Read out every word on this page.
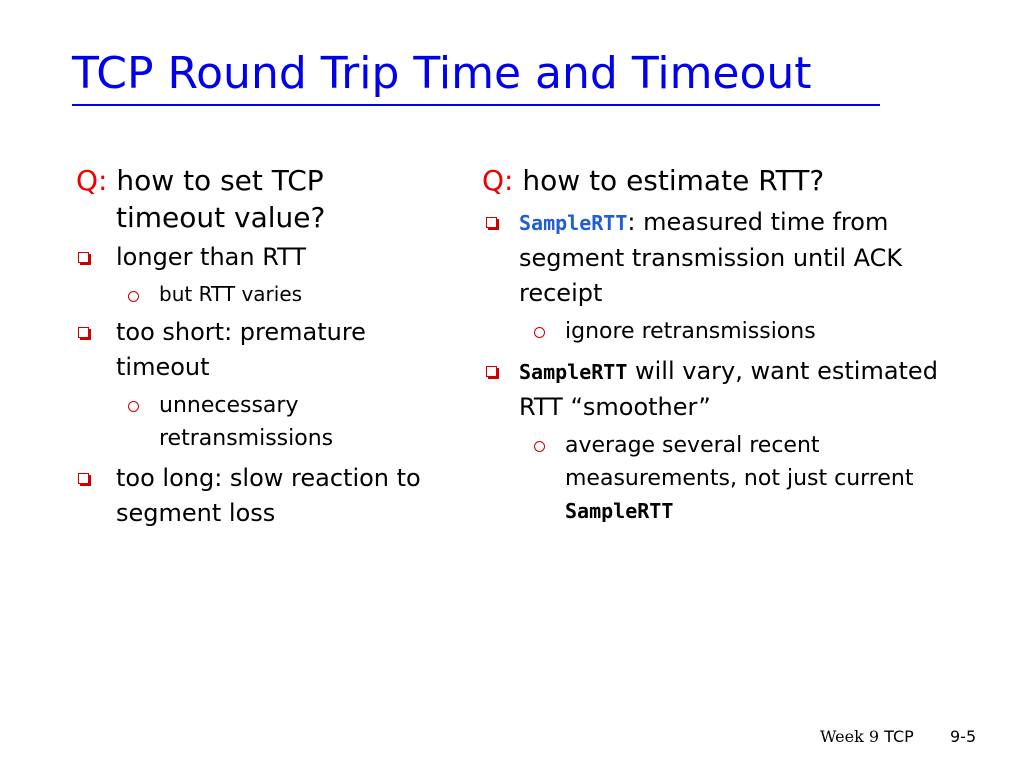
TCP Round Trip Time and Timeout
Q: how to set TCP timeout value?
longer than RTT
but RTT varies
too short: premature timeout
unnecessary retransmissions
too long: slow reaction to segment loss
Q: how to estimate RTT?
SampleRTT: measured time from segment transmission until ACK receipt
ignore retransmissions
SampleRTT will vary, want estimated RTT “smoother”
average several recent measurements, not just current SampleRTT
Week 9 TCP 9-5
